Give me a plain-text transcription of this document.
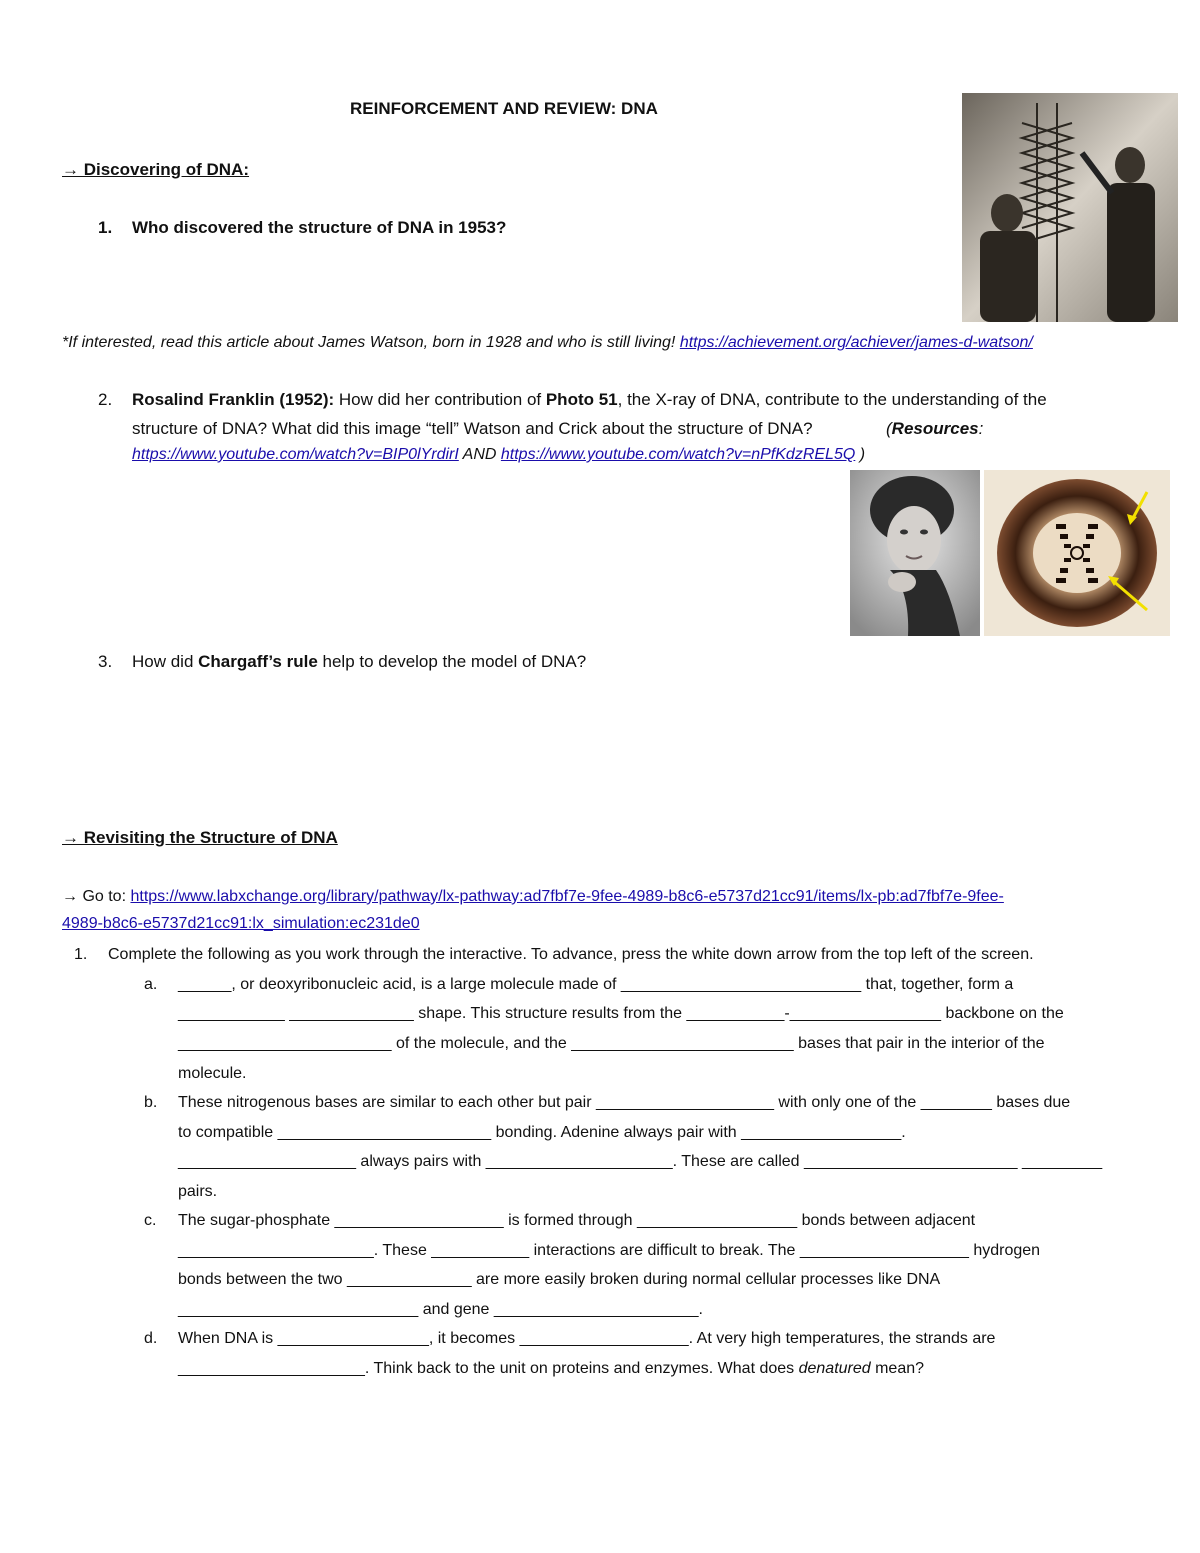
REINFORCEMENT AND REVIEW: DNA
→ Discovering of DNA:
1. Who discovered the structure of DNA in 1953?
*If interested, read this article about James Watson, born in 1928 and who is still living! https://achievement.org/achiever/james-d-watson/
2. Rosalind Franklin (1952): How did her contribution of Photo 51, the X-ray of DNA, contribute to the understanding of the
structure of DNA? What did this image “tell” Watson and Crick about the structure of DNA?	(Resources:
https://www.youtube.com/watch?v=BIP0lYrdirI AND https://www.youtube.com/watch?v=nPfKdzREL5Q )
3. How did Chargaff’s rule help to develop the model of DNA?
→ Revisiting the Structure of DNA
→ Go to: https://www.labxchange.org/library/pathway/lx-pathway:ad7fbf7e-9fee-4989-b8c6-e5737d21cc91/items/lx-pb:ad7fbf7e-9fee-
4989-b8c6-e5737d21cc91:lx_simulation:ec231de0
1. Complete the following as you work through the interactive. To advance, press the white down arrow from the top left of the screen.
a. ______, or deoxyribonucleic acid, is a large molecule made of ___________________________ that, together, form a
____________ ______________ shape. This structure results from the ___________-_________________ backbone on the
________________________ of the molecule, and the _________________________ bases that pair in the interior of the
molecule.
b. These nitrogenous bases are similar to each other but pair ____________________ with only one of the ________ bases due
to compatible ________________________ bonding. Adenine always pair with __________________.
____________________ always pairs with _____________________. These are called ________________________ _________
pairs.
c. The sugar-phosphate ___________________ is formed through __________________ bonds between adjacent
______________________. These ___________ interactions are difficult to break. The ___________________ hydrogen
bonds between the two ______________ are more easily broken during normal cellular processes like DNA
___________________________ and gene _______________________.
d. When DNA is _________________, it becomes ___________________. At very high temperatures, the strands are
_____________________. Think back to the unit on proteins and enzymes. What does denatured mean?
